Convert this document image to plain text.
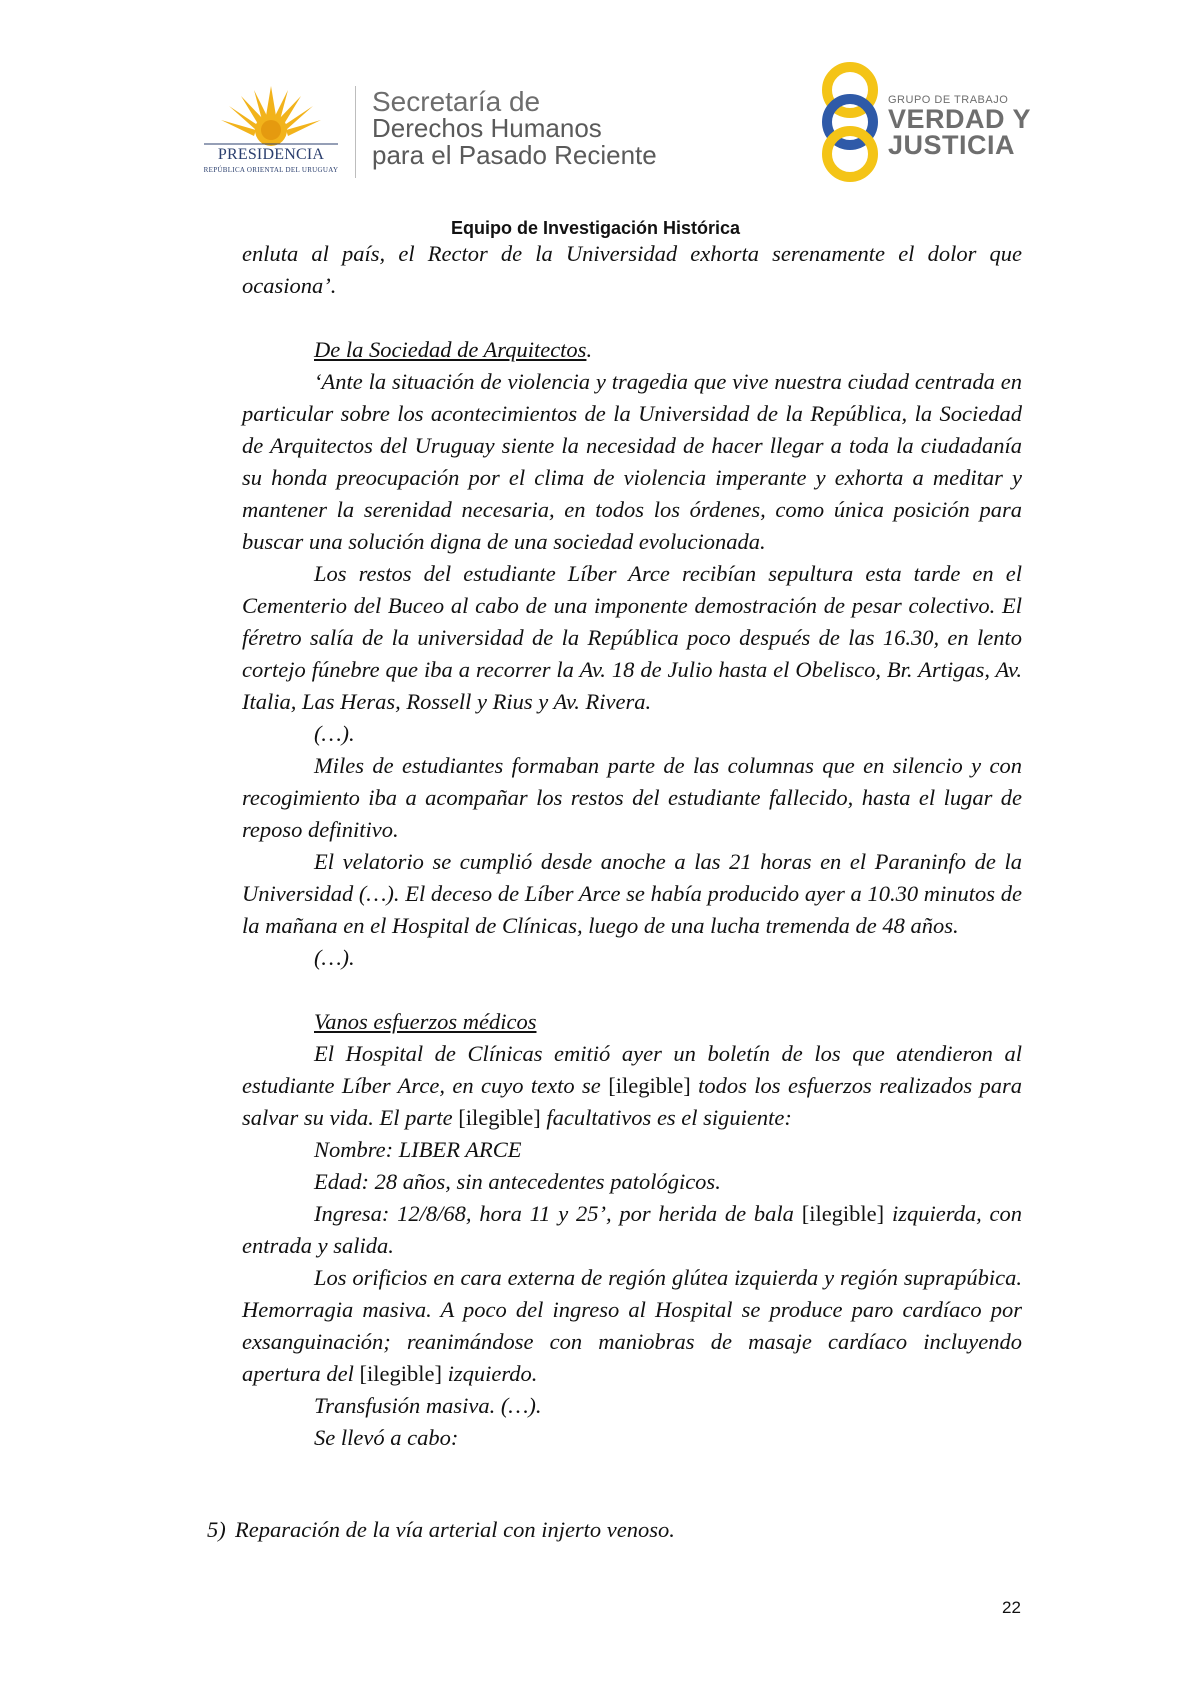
PRESIDENCIA
REPÚBLICA ORIENTAL DEL URUGUAY
Secretaría de
Derechos Humanos
para el Pasado Reciente
GRUPO DE TRABAJO
VERDAD Y
JUSTICIA
Equipo de Investigación Histórica

enluta al país, el Rector de la Universidad exhorta serenamente el dolor que ocasiona’.

De la Sociedad de Arquitectos.

‘Ante la situación de violencia y tragedia que vive nuestra ciudad centrada en particular sobre los acontecimientos de la Universidad de la República, la Sociedad de Arquitectos del Uruguay siente la necesidad de hacer llegar a toda la ciudadanía su honda preocupación por el clima de violencia imperante y exhorta a meditar y mantener la serenidad necesaria, en todos los órdenes, como única posición para buscar una solución digna de una sociedad evolucionada.

Los restos del estudiante Líber Arce recibían sepultura esta tarde en el Cementerio del Buceo al cabo de una imponente demostración de pesar colectivo. El féretro salía de la universidad de la República poco después de las 16.30, en lento cortejo fúnebre que iba a recorrer la Av. 18 de Julio hasta el Obelisco, Br. Artigas, Av. Italia, Las Heras, Rossell y Rius y Av. Rivera.

(…).

Miles de estudiantes formaban parte de las columnas que en silencio y con recogimiento iba a acompañar los restos del estudiante fallecido, hasta el lugar de reposo definitivo.

El velatorio se cumplió desde anoche a las 21 horas en el Paraninfo de la Universidad (…). El deceso de Líber Arce se había producido ayer a 10.30 minutos de la mañana en el Hospital de Clínicas, luego de una lucha tremenda de 48 años.

(…).

Vanos esfuerzos médicos

El Hospital de Clínicas emitió ayer un boletín de los que atendieron al estudiante Líber Arce, en cuyo texto se [ilegible] todos los esfuerzos realizados para salvar su vida. El parte [ilegible] facultativos es el siguiente:

Nombre: LIBER ARCE

Edad: 28 años, sin antecedentes patológicos.

Ingresa: 12/8/68, hora 11 y 25’, por herida de bala [ilegible] izquierda, con entrada y salida.

Los orificios en cara externa de región glútea izquierda y región suprapúbica. Hemorragia masiva. A poco del ingreso al Hospital se produce paro cardíaco por exsanguinación; reanimándose con maniobras de masaje cardíaco incluyendo apertura del [ilegible] izquierdo.

Transfusión masiva. (…).

Se llevó a cabo:

5) Reparación de la vía arterial con injerto venoso.
22
